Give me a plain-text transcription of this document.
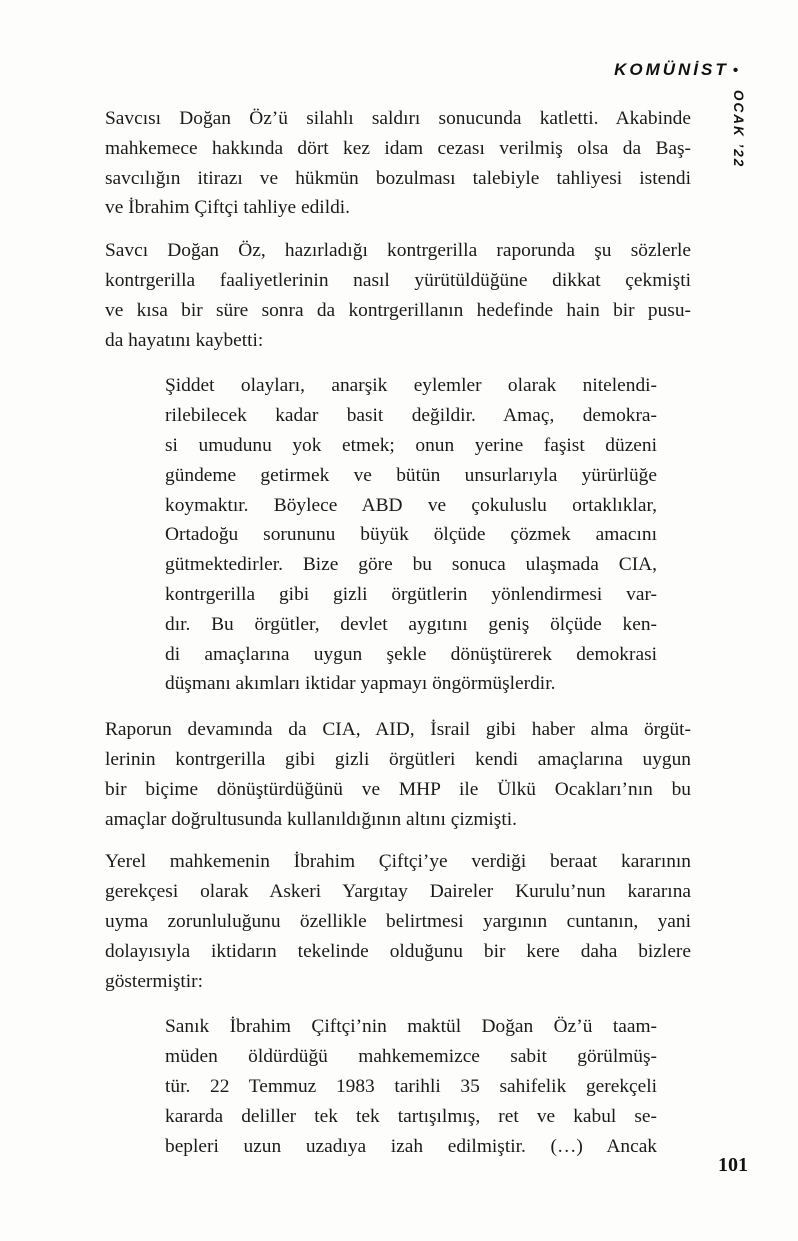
KOMÜNİST •
OCAK ’22
Savcısı Doğan Öz’ü silahlı saldırı sonucunda katletti. Akabinde
mahkemece hakkında dört kez idam cezası verilmiş olsa da Baş-
savcılığın itirazı ve hükmün bozulması talebiyle tahliyesi istendi
ve İbrahim Çiftçi tahliye edildi.
Savcı Doğan Öz, hazırladığı kontrgerilla raporunda şu sözlerle
kontrgerilla faaliyetlerinin nasıl yürütüldüğüne dikkat çekmişti
ve kısa bir süre sonra da kontrgerillanın hedefinde hain bir pusu-
da hayatını kaybetti:
Şiddet olayları, anarşik eylemler olarak nitelendi-
rilebilecek kadar basit değildir. Amaç, demokra-
si umudunu yok etmek; onun yerine faşist düzeni
gündeme getirmek ve bütün unsurlarıyla yürürlüğe
koymaktır. Böylece ABD ve çokuluslu ortaklıklar,
Ortadoğu sorununu büyük ölçüde çözmek amacını
gütmektedirler. Bize göre bu sonuca ulaşmada CIA,
kontrgerilla gibi gizli örgütlerin yönlendirmesi var-
dır. Bu örgütler, devlet aygıtını geniş ölçüde ken-
di amaçlarına uygun şekle dönüştürerek demokrasi
düşmanı akımları iktidar yapmayı öngörmüşlerdir.
Raporun devamında da CIA, AID, İsrail gibi haber alma örgüt-
lerinin kontrgerilla gibi gizli örgütleri kendi amaçlarına uygun
bir biçime dönüştürdüğünü ve MHP ile Ülkü Ocakları’nın bu
amaçlar doğrultusunda kullanıldığının altını çizmişti.
Yerel mahkemenin İbrahim Çiftçi’ye verdiği beraat kararının
gerekçesi olarak Askeri Yargıtay Daireler Kurulu’nun kararına
uyma zorunluluğunu özellikle belirtmesi yargının cuntanın, yani
dolayısıyla iktidarın tekelinde olduğunu bir kere daha bizlere
göstermiştir:
Sanık İbrahim Çiftçi’nin maktül Doğan Öz’ü taam-
müden öldürdüğü mahkememizce sabit görülmüş-
tür. 22 Temmuz 1983 tarihli 35 sahifelik gerekçeli
kararda deliller tek tek tartışılmış, ret ve kabul se-
bepleri uzun uzadıya izah edilmiştir. (…) Ancak
101
